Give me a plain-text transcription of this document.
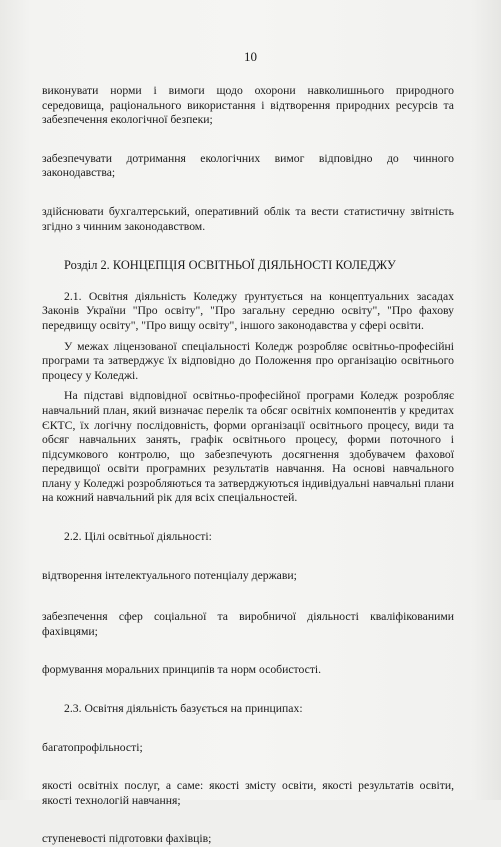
10

виконувати норми і вимоги щодо охорони навколишнього природного середовища, раціонального використання і відтворення природних ресурсів та забезпечення екологічної безпеки;

забезпечувати дотримання екологічних вимог відповідно до чинного законодавства;

здійснювати бухгалтерський, оперативний облік та вести статистичну звітність згідно з чинним законодавством.

Розділ 2. КОНЦЕПЦІЯ ОСВІТНЬОЇ ДІЯЛЬНОСТІ КОЛЕДЖУ

2.1. Освітня діяльність Коледжу ґрунтується на концептуальних засадах Законів України "Про освіту", "Про загальну середню освіту", "Про фахову передвищу освіту", "Про вищу освіту", іншого законодавства у сфері освіти.

У межах ліцензованої спеціальності Коледж розробляє освітньо-професійні програми та затверджує їх відповідно до Положення про організацію освітнього процесу у Коледжі.

На підставі відповідної освітньо-професійної програми Коледж розробляє навчальний план, який визначає перелік та обсяг освітніх компонентів у кредитах ЄКТС, їх логічну послідовність, форми організації освітнього процесу, види та обсяг навчальних занять, графік освітнього процесу, форми поточного і підсумкового контролю, що забезпечують досягнення здобувачем фахової передвищої освіти програмних результатів навчання. На основі навчального плану у Коледжі розробляються та затверджуються індивідуальні навчальні плани на кожний навчальний рік для всіх спеціальностей.

2.2. Цілі освітньої діяльності:

відтворення інтелектуального потенціалу держави;

забезпечення сфер соціальної та виробничої діяльності кваліфікованими фахівцями;

формування моральних принципів та норм особистості.

2.3. Освітня діяльність базується на принципах:

багатопрофільності;

якості освітніх послуг, а саме: якості змісту освіти, якості результатів освіти, якості технологій навчання;

ступеневості підготовки фахівців;
